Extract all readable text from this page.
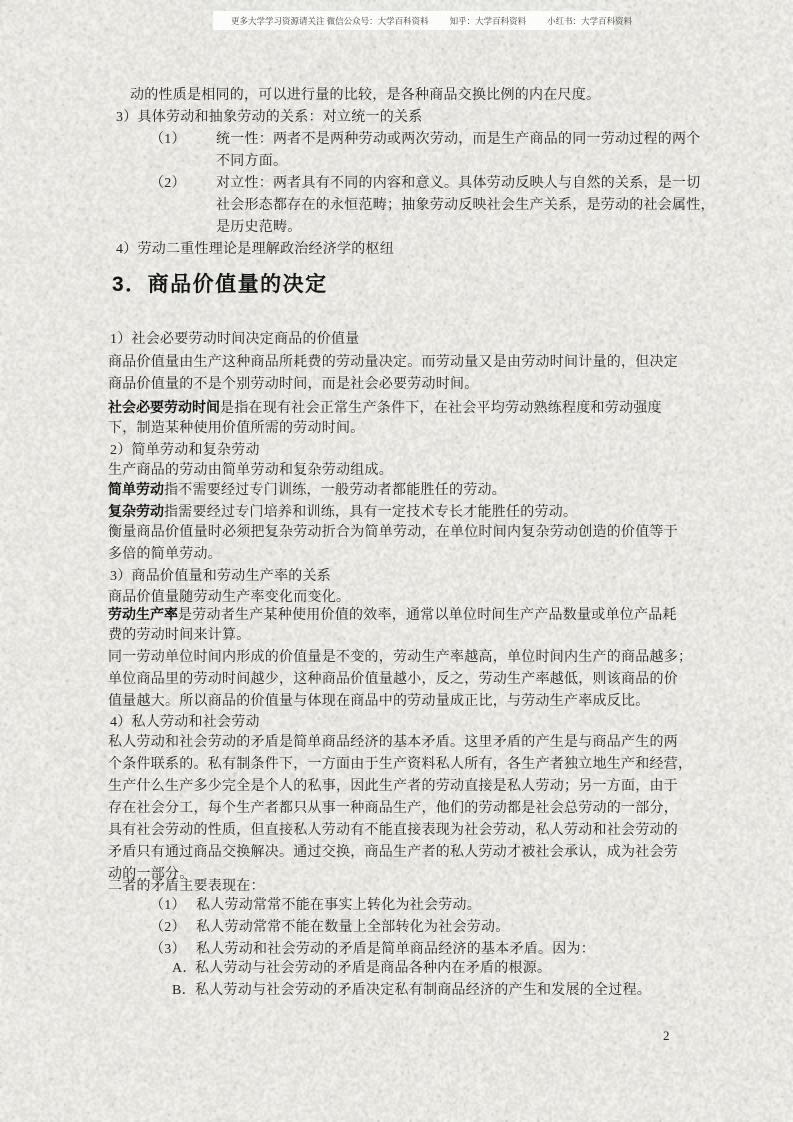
更多大学学习资源请关注 微信公众号：大学百科资料 知乎：大学百科资料 小红书：大学百科资料
3．商品价值量的决定
动的性质是相同的，可以进行量的比较，是各种商品交换比例的内在尺度。
3）具体劳动和抽象劳动的关系：对立统一的关系
（1） 统一性：两者不是两种劳动或两次劳动，而是生产商品的同一劳动过程的两个
不同方面。
（2） 对立性：两者具有不同的内容和意义。具体劳动反映人与自然的关系，是一切
社会形态都存在的永恒范畴；抽象劳动反映社会生产关系，是劳动的社会属性，
是历史范畴。
4）劳动二重性理论是理解政治经济学的枢纽
1）社会必要劳动时间决定商品的价值量
商品价值量由生产这种商品所耗费的劳动量决定。而劳动量又是由劳动时间计量的，但决定
商品价值量的不是个别劳动时间，而是社会必要劳动时间。
社会必要劳动时间是指在现有社会正常生产条件下，在社会平均劳动熟练程度和劳动强度
下，制造某种使用价值所需的劳动时间。
2）简单劳动和复杂劳动
生产商品的劳动由简单劳动和复杂劳动组成。
简单劳动指不需要经过专门训练，一般劳动者都能胜任的劳动。
复杂劳动指需要经过专门培养和训练，具有一定技术专长才能胜任的劳动。
衡量商品价值量时必须把复杂劳动折合为简单劳动，在单位时间内复杂劳动创造的价值等于
多倍的简单劳动。
3）商品价值量和劳动生产率的关系
商品价值量随劳动生产率变化而变化。
劳动生产率是劳动者生产某种使用价值的效率，通常以单位时间生产产品数量或单位产品耗
费的劳动时间来计算。
同一劳动单位时间内形成的价值量是不变的，劳动生产率越高，单位时间内生产的商品越多；
单位商品里的劳动时间越少，这种商品价值量越小，反之，劳动生产率越低，则该商品的价
值量越大。所以商品的价值量与体现在商品中的劳动量成正比，与劳动生产率成反比。
4）私人劳动和社会劳动
私人劳动和社会劳动的矛盾是简单商品经济的基本矛盾。这里矛盾的产生是与商品产生的两
个条件联系的。私有制条件下，一方面由于生产资料私人所有，各生产者独立地生产和经营，
生产什么生产多少完全是个人的私事，因此生产者的劳动直接是私人劳动；另一方面，由于
存在社会分工，每个生产者都只从事一种商品生产，他们的劳动都是社会总劳动的一部分，
具有社会劳动的性质，但直接私人劳动有不能直接表现为社会劳动，私人劳动和社会劳动的
矛盾只有通过商品交换解决。通过交换，商品生产者的私人劳动才被社会承认，成为社会劳
动的一部分。
二者的矛盾主要表现在：
（1） 私人劳动常常不能在事实上转化为社会劳动。
（2） 私人劳动常常不能在数量上全部转化为社会劳动。
（3） 私人劳动和社会劳动的矛盾是简单商品经济的基本矛盾。因为：
A．私人劳动与社会劳动的矛盾是商品各种内在矛盾的根源。
B．私人劳动与社会劳动的矛盾决定私有制商品经济的产生和发展的全过程。
2
